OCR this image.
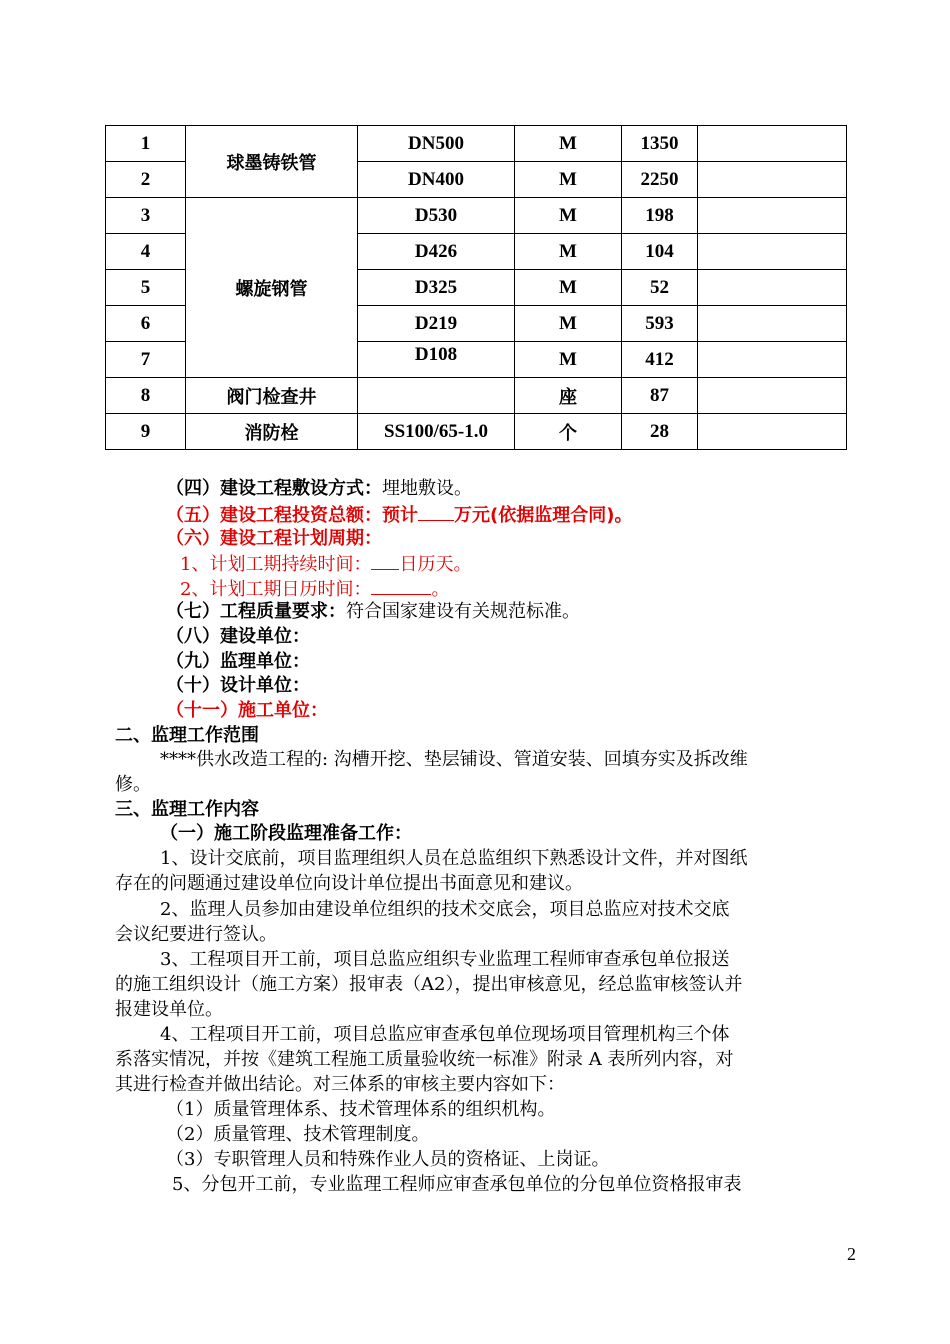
1	球墨铸铁管	DN500	M	1350	
2		DN400	M	2250	
3	螺旋钢管	D530	M	198	
4		D426	M	104	
5		D325	M	52	
6		D219	M	593	
7		D108	M	412	
8	阀门检查井		座	87	
9	消防栓	SS100/65-1.0	个	28	
（四）建设工程敷设方式：埋地敷设。
（五）建设工程投资总额：预计 万元(依据监理合同)。
（六）建设工程计划周期：
1、计划工期持续时间： 日历天。
2、计划工期日历时间：	。
（七）工程质量要求：符合国家建设有关规范标准。
（八）建设单位：
（九）监理单位：
（十）设计单位：
（十一）施工单位：
二、监理工作范围
****供水改造工程的: 沟槽开挖、垫层铺设、管道安装、回填夯实及拆改维
修。
三、监理工作内容
（一）施工阶段监理准备工作：
1、设计交底前，项目监理组织人员在总监组织下熟悉设计文件，并对图纸
存在的问题通过建设单位向设计单位提出书面意见和建议。
2、监理人员参加由建设单位组织的技术交底会，项目总监应对技术交底
会议纪要进行签认。
3、工程项目开工前，项目总监应组织专业监理工程师审查承包单位报送
的施工组织设计（施工方案）报审表（A2），提出审核意见，经总监审核签认并
报建设单位。
4、工程项目开工前，项目总监应审查承包单位现场项目管理机构三个体
系落实情况，并按《建筑工程施工质量验收统一标准》附录 A 表所列内容，对
其进行检查并做出结论。对三体系的审核主要内容如下：
（1）质量管理体系、技术管理体系的组织机构。
（2）质量管理、技术管理制度。
（3）专职管理人员和特殊作业人员的资格证、上岗证。
5、分包开工前，专业监理工程师应审查承包单位的分包单位资格报审表
2
